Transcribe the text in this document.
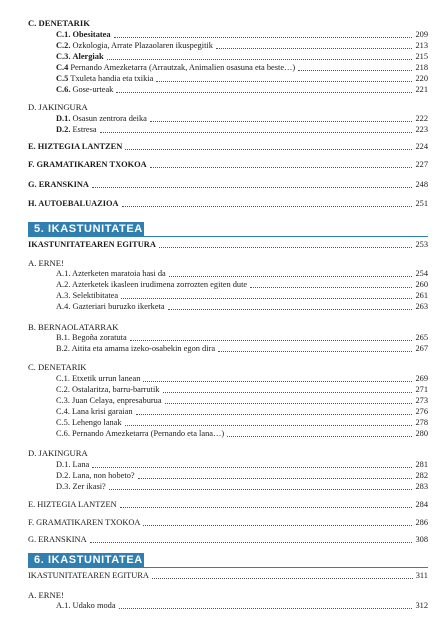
C. DENETARIK
C.1. Obesitatea	209
C.2. Ozkologia, Arrate Plazaolaren ikuspegitik	213
C.3. Alergiak	215
C.4 Pernando Amezketarra (Arrautzak, Animalien osasuna eta beste…)	218
C.5 Txuleta handia eta txikia	220
C.6. Gose-urteak	221
D. JAKINGURA
D.1. Osasun zentrora deika	222
D.2. Estresa	223
E. HIZTEGIA LANTZEN	224
F. GRAMATIKAREN TXOKOA	227
G. ERANSKINA	248
H. AUTOEBALUAZIOA	251
5. IKASTUNITATEA
IKASTUNITATEAREN EGITURA	253
A. ERNE!
A.1. Azterketen maratoia hasi da	254
A.2. Azterketek ikasleen irudimena zorrozten egiten dute	260
A.3. Selektibitatea	261
A.4. Gazteriari buruzko ikerketa	263
B. BERNAOLATARRAK
B.1. Begoña zoratuta	265
B.2. Aitita eta amama izeko-osabekin egon dira	267
C. DENETARIK
C.1. Etxetik urrun lanean	269
C.2. Ostalaritza, barru-barrutik	271
C.3. Juan Celaya, enpresaburua	273
C.4. Lana krisi garaian	276
C.5. Lehengo lanak	278
C.6. Pernando Amezketarra (Pernando eta lana…)	280
D. JAKINGURA
D.1. Lana	281
D.2. Lana, non hobeto?	282
D.3. Zer ikasi?	283
E. HIZTEGIA LANTZEN	284
F. GRAMATIKAREN TXOKOA	286
G. ERANSKINA	308
6. IKASTUNITATEA
IKASTUNITATEAREN EGITURA	311
A. ERNE!
A.1. Udako moda	312
